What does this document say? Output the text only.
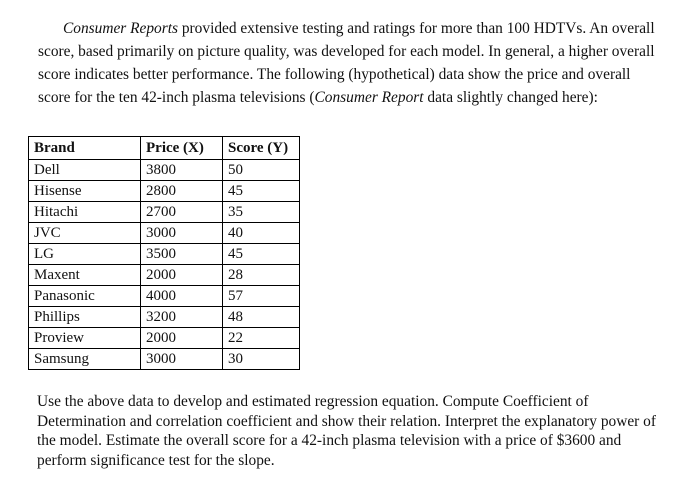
Consumer Reports provided extensive testing and ratings for more than 100 HDTVs. An overall score, based primarily on picture quality, was developed for each model. In general, a higher overall score indicates better performance. The following (hypothetical) data show the price and overall score for the ten 42-inch plasma televisions (Consumer Report data slightly changed here):

Brand	Price (X)	Score (Y)
Dell	3800	50
Hisense	2800	45
Hitachi	2700	35
JVC	3000	40
LG	3500	45
Maxent	2000	28
Panasonic	4000	57
Phillips	3200	48
Proview	2000	22
Samsung	3000	30

Use the above data to develop and estimated regression equation. Compute Coefficient of Determination and correlation coefficient and show their relation. Interpret the explanatory power of the model. Estimate the overall score for a 42-inch plasma television with a price of $3600 and perform significance test for the slope.
